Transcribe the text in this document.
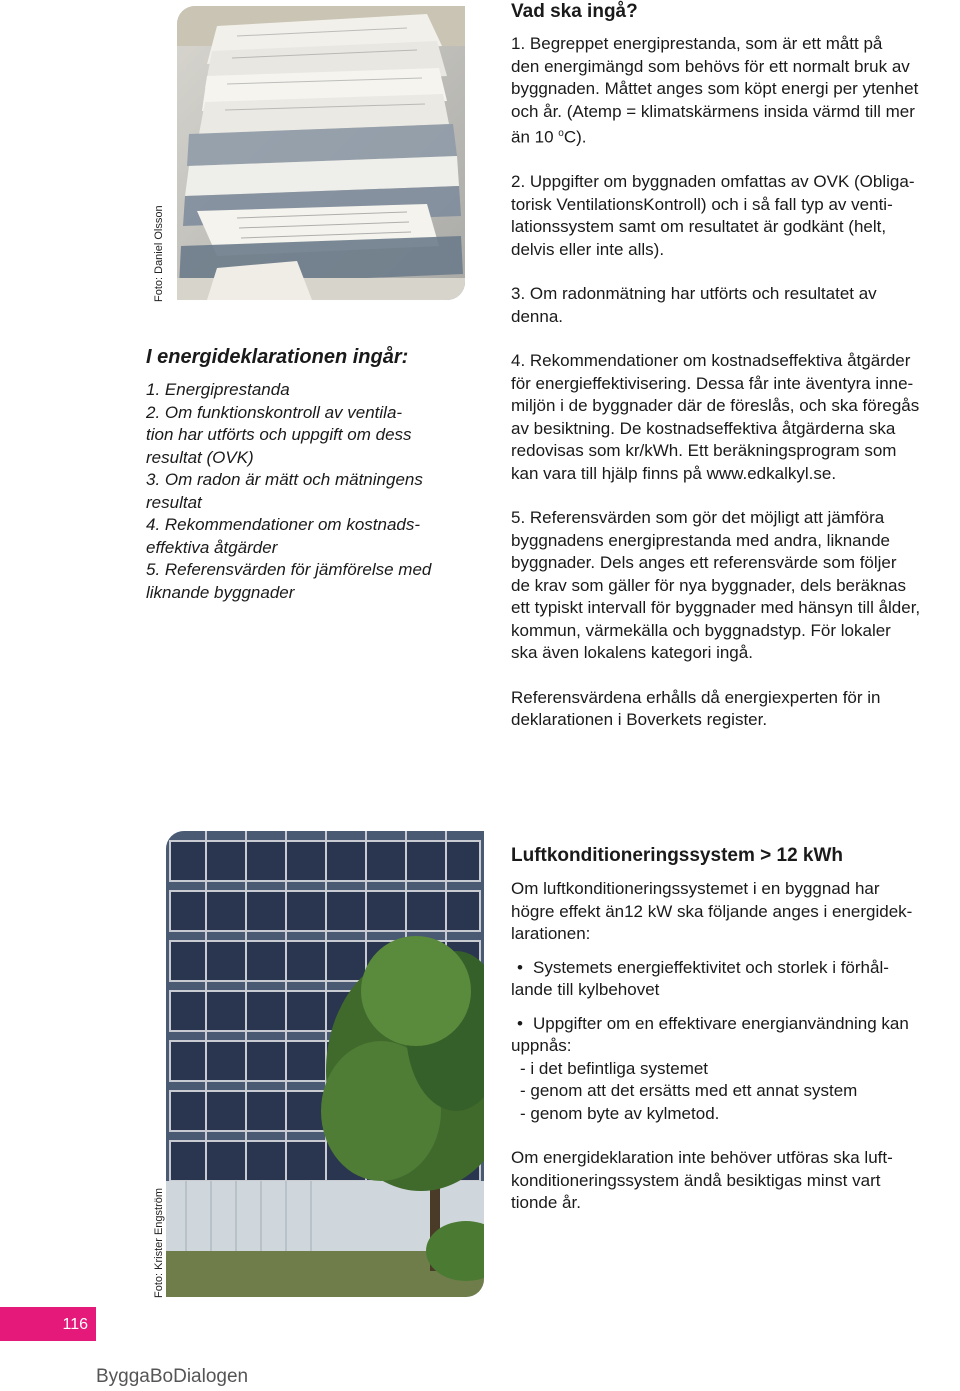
Foto: Daniel Olsson
I energideklarationen ingår:

1. Energiprestanda

2. Om funktionskontroll av ventila-

tion har utförts och uppgift om dess

resultat (OVK)

3. Om radon är mätt och mätningens

resultat

4. Rekommendationer om kostnads-

effektiva åtgärder

5. Referensvärden för jämförelse med

liknande byggnader

Vad ska ingå?
1. Begreppet energiprestanda, som är ett mått på
den energimängd som behövs för ett normalt bruk av
byggnaden. Måttet anges som köpt energi per ytenhet
och år. (Atemp = klimatskärmens insida värmd till mer
än 10 $^o$C).
2. Uppgifter om byggnaden omfattas av OVK (Obliga-
torisk VentilationsKontroll) och i så fall typ av venti-
lationssystem samt om resultatet är godkänt (helt,
delvis eller inte alls).
3. Om radonmätning har utförts och resultatet av
denna.
4. Rekommendationer om kostnadseffektiva åtgärder
för energieffektivisering. Dessa får inte äventyra inne-
miljön i de byggnader där de föreslås, och ska föregås
av besiktning. De kostnadseffektiva åtgärderna ska
redovisas som kr/kWh. Ett beräkningsprogram som
kan vara till hjälp finns på www.edkalkyl.se.
5. Referensvärden som gör det möjligt att jämföra
byggnadens energiprestanda med andra, liknande
byggnader. Dels anges ett referensvärde som följer
de krav som gäller för nya byggnader, dels beräknas
ett typiskt intervall för byggnader med hänsyn till ålder,
kommun, värmekälla och byggnadstyp. För lokaler
ska även lokalens kategori ingå.
Referensvärdena erhålls då energiexperten för in
deklarationen i Boverkets register.
Foto: Krister Engström
Luftkonditioneringssystem > 12 kWh
Om luftkonditioneringssystemet i en byggnad har
högre effekt än12 kW ska följande anges i energidek-
larationen:
• Systemets energieffektivitet och storlek i förhål-
lande till kylbehovet
• Uppgifter om en effektivare energianvändning kan
uppnås:
- i det befintliga systemet
- genom att det ersätts med ett annat system
- genom byte av kylmetod.
Om energideklaration inte behöver utföras ska luft-
konditioneringssystem ändå besiktigas minst vart
tionde år.
116
ByggaBoDialogen
